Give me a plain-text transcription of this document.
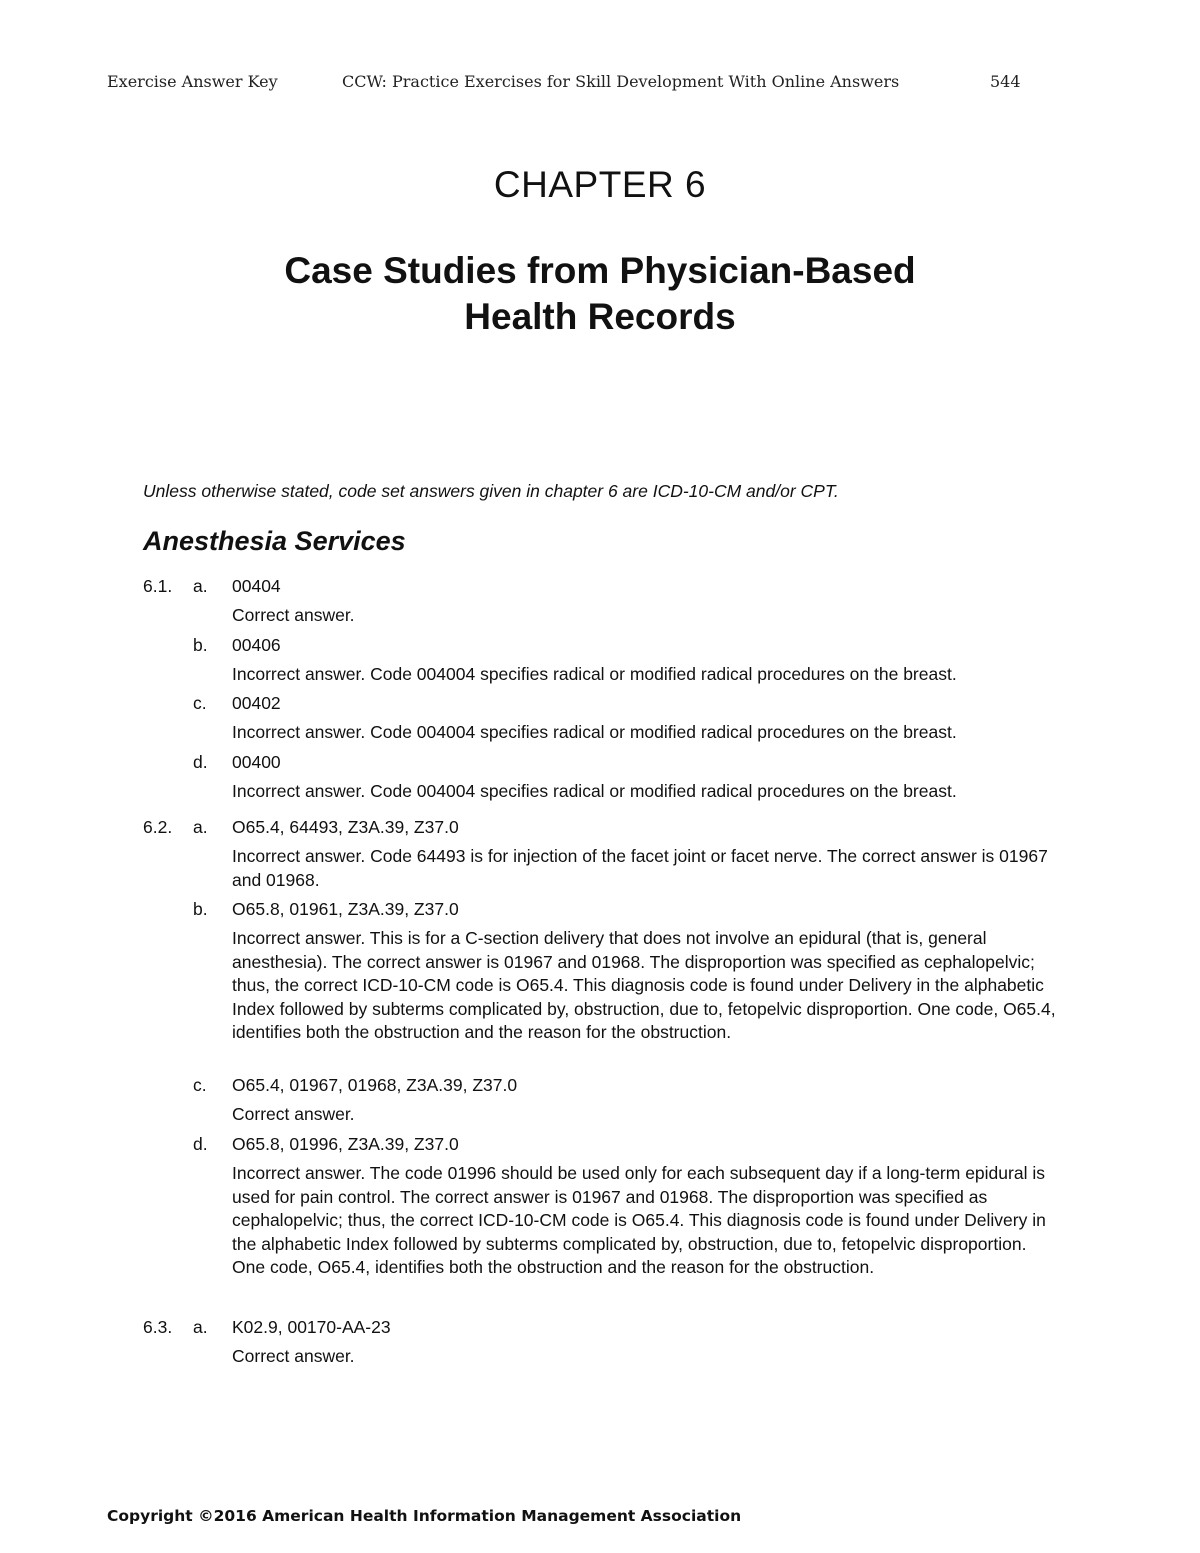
Exercise Answer Key	CCW: Practice Exercises for Skill Development With Online Answers	544
CHAPTER 6
Case Studies from Physician-Based
Health Records
Unless otherwise stated, code set answers given in chapter 6 are ICD-10-CM and/or CPT.
Anesthesia Services
6.1. a. 00404
Correct answer.
b. 00406
Incorrect answer. Code 004004 specifies radical or modified radical procedures on the breast.
c. 00402
Incorrect answer. Code 004004 specifies radical or modified radical procedures on the breast.
d. 00400
Incorrect answer. Code 004004 specifies radical or modified radical procedures on the breast.
6.2. a. O65.4, 64493, Z3A.39, Z37.0
Incorrect answer. Code 64493 is for injection of the facet joint or facet nerve. The correct answer is 01967 and 01968.
b. O65.8, 01961, Z3A.39, Z37.0
Incorrect answer. This is for a C-section delivery that does not involve an epidural (that is, general anesthesia). The correct answer is 01967 and 01968. The disproportion was specified as cephalopelvic; thus, the correct ICD-10-CM code is O65.4. This diagnosis code is found under Delivery in the alphabetic Index followed by subterms complicated by, obstruction, due to, fetopelvic disproportion. One code, O65.4, identifies both the obstruction and the reason for the obstruction.
c. O65.4, 01967, 01968, Z3A.39, Z37.0
Correct answer.
d. O65.8, 01996, Z3A.39, Z37.0
Incorrect answer. The code 01996 should be used only for each subsequent day if a long-term epidural is used for pain control. The correct answer is 01967 and 01968. The disproportion was specified as cephalopelvic; thus, the correct ICD-10-CM code is O65.4. This diagnosis code is found under Delivery in the alphabetic Index followed by subterms complicated by, obstruction, due to, fetopelvic disproportion. One code, O65.4, identifies both the obstruction and the reason for the obstruction.
6.3. a. K02.9, 00170-AA-23
Correct answer.
Copyright ©2016 American Health Information Management Association
